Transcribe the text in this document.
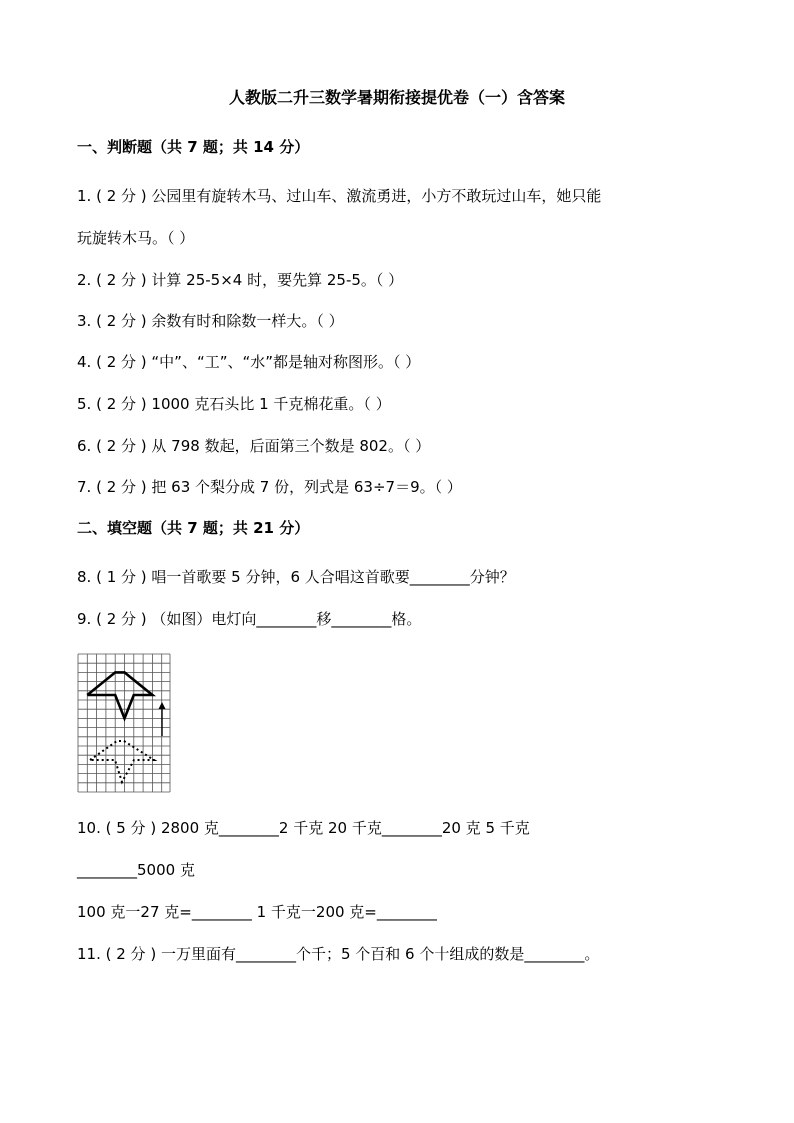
人教版二升三数学暑期衔接提优卷（一）含答案
一、判断题（共 7 题；共 14 分）
1. ( 2 分 ) 公园里有旋转木马、过山车、激流勇进，小方不敢玩过山车，她只能
玩旋转木马。（ ）
2. ( 2 分 ) 计算 25-5×4 时，要先算 25-5。（ ）
3. ( 2 分 ) 余数有时和除数一样大。（ ）
4. ( 2 分 ) “中”、“工”、“水”都是轴对称图形。（ ）
5. ( 2 分 ) 1000 克石头比 1 千克棉花重。（ ）
6. ( 2 分 ) 从 798 数起，后面第三个数是 802。（ ）
7. ( 2 分 ) 把 63 个梨分成 7 份，列式是 63÷7＝9。（ ）
二、填空题（共 7 题；共 21 分）
8. ( 1 分 ) 唱一首歌要 5 分钟，6 人合唱这首歌要________分钟？
9. ( 2 分 ) （如图）电灯向________移________格。
10. ( 5 分 ) 2800 克________2 千克 20 千克________20 克 5 千克
________5000 克
100 克一27 克=________ 1 千克一200 克=________
11. ( 2 分 ) 一万里面有________个千；5 个百和 6 个十组成的数是________。
